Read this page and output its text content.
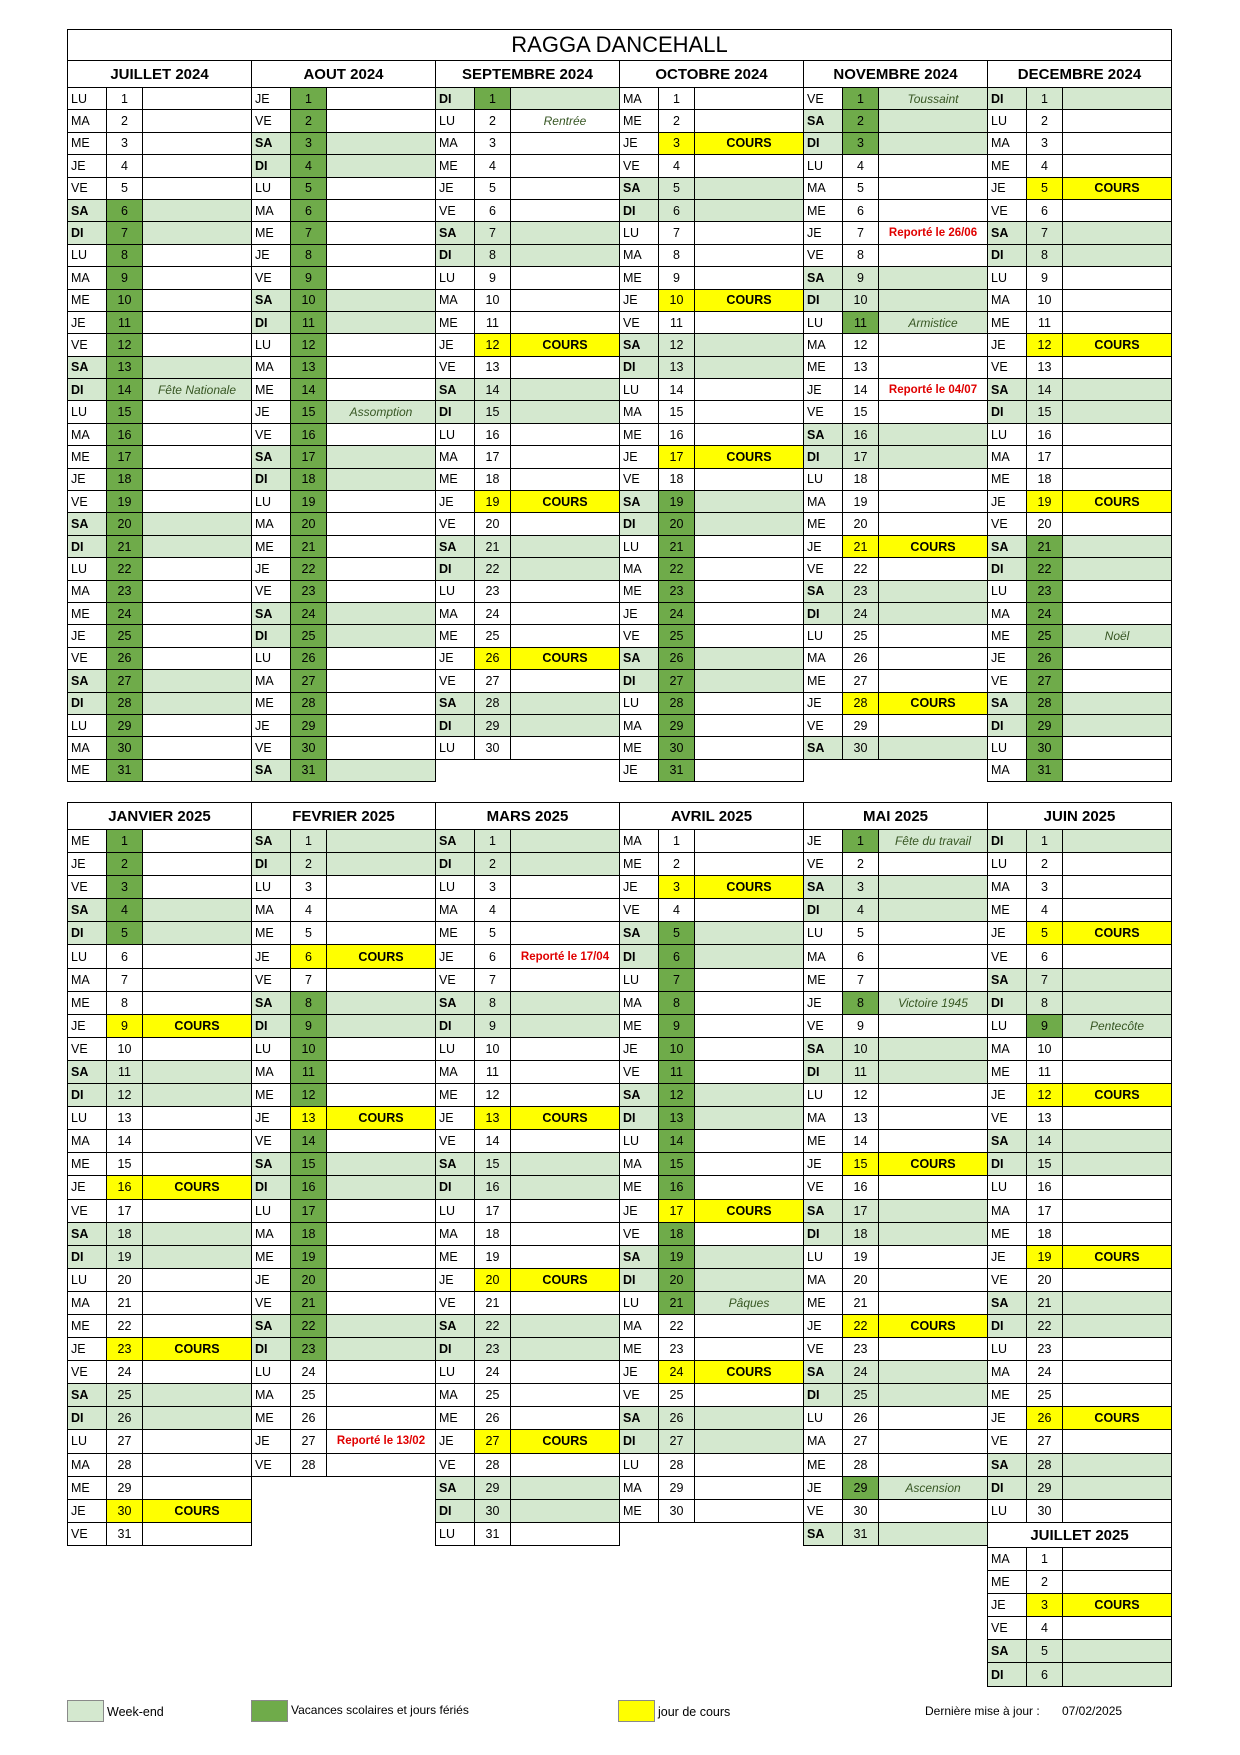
RAGGA DANCEHALL
JUILLET 2024
LU	1
MA	2
ME	3
JE	4
VE	5
SA	6
DI	7
LU	8
MA	9
ME	10
JE	11
VE	12
SA	13
DI	14	Fête Nationale
LU	15
MA	16
ME	17
JE	18
VE	19
SA	20
DI	21
LU	22
MA	23
ME	24
JE	25
VE	26
SA	27
DI	28
LU	29
MA	30
ME	31
AOUT 2024
JE	1
VE	2
SA	3
DI	4
LU	5
MA	6
ME	7
JE	8
VE	9
SA	10
DI	11
LU	12
MA	13
ME	14
JE	15	Assomption
VE	16
SA	17
DI	18
LU	19
MA	20
ME	21
JE	22
VE	23
SA	24
DI	25
LU	26
MA	27
ME	28
JE	29
VE	30
SA	31
SEPTEMBRE 2024
DI	1
LU	2	Rentrée
MA	3
ME	4
JE	5
VE	6
SA	7
DI	8
LU	9
MA	10
ME	11
JE	12	COURS
VE	13
SA	14
DI	15
LU	16
MA	17
ME	18
JE	19	COURS
VE	20
SA	21
DI	22
LU	23
MA	24
ME	25
JE	26	COURS
VE	27
SA	28
DI	29
LU	30
OCTOBRE 2024
MA	1
ME	2
JE	3	COURS
VE	4
SA	5
DI	6
LU	7
MA	8
ME	9
JE	10	COURS
VE	11
SA	12
DI	13
LU	14
MA	15
ME	16
JE	17	COURS
VE	18
SA	19
DI	20
LU	21
MA	22
ME	23
JE	24
VE	25
SA	26
DI	27
LU	28
MA	29
ME	30
JE	31
NOVEMBRE 2024
VE	1	Toussaint
SA	2
DI	3
LU	4
MA	5
ME	6
JE	7	Reporté le 26/06
VE	8
SA	9
DI	10
LU	11	Armistice
MA	12
ME	13
JE	14	Reporté le 04/07
VE	15
SA	16
DI	17
LU	18
MA	19
ME	20
JE	21	COURS
VE	22
SA	23
DI	24
LU	25
MA	26
ME	27
JE	28	COURS
VE	29
SA	30
DECEMBRE 2024
DI	1
LU	2
MA	3
ME	4
JE	5	COURS
VE	6
SA	7
DI	8
LU	9
MA	10
ME	11
JE	12	COURS
VE	13
SA	14
DI	15
LU	16
MA	17
ME	18
JE	19	COURS
VE	20
SA	21
DI	22
LU	23
MA	24
ME	25	Noël
JE	26
VE	27
SA	28
DI	29
LU	30
MA	31
JANVIER 2025
ME	1
JE	2
VE	3
SA	4
DI	5
LU	6
MA	7
ME	8
JE	9	COURS
VE	10
SA	11
DI	12
LU	13
MA	14
ME	15
JE	16	COURS
VE	17
SA	18
DI	19
LU	20
MA	21
ME	22
JE	23	COURS
VE	24
SA	25
DI	26
LU	27
MA	28
ME	29
JE	30	COURS
VE	31
FEVRIER 2025
SA	1
DI	2
LU	3
MA	4
ME	5
JE	6	COURS
VE	7
SA	8
DI	9
LU	10
MA	11
ME	12
JE	13	COURS
VE	14
SA	15
DI	16
LU	17
MA	18
ME	19
JE	20
VE	21
SA	22
DI	23
LU	24
MA	25
ME	26
JE	27	Reporté le 13/02
VE	28
MARS 2025
SA	1
DI	2
LU	3
MA	4
ME	5
JE	6	Reporté le 17/04
VE	7
SA	8
DI	9
LU	10
MA	11
ME	12
JE	13	COURS
VE	14
SA	15
DI	16
LU	17
MA	18
ME	19
JE	20	COURS
VE	21
SA	22
DI	23
LU	24
MA	25
ME	26
JE	27	COURS
VE	28
SA	29
DI	30
LU	31
AVRIL 2025
MA	1
ME	2
JE	3	COURS
VE	4
SA	5
DI	6
LU	7
MA	8
ME	9
JE	10
VE	11
SA	12
DI	13
LU	14
MA	15
ME	16
JE	17	COURS
VE	18
SA	19
DI	20
LU	21	Pâques
MA	22
ME	23
JE	24	COURS
VE	25
SA	26
DI	27
LU	28
MA	29
ME	30
MAI 2025
JE	1	Fête du travail
VE	2
SA	3
DI	4
LU	5
MA	6
ME	7
JE	8	Victoire 1945
VE	9
SA	10
DI	11
LU	12
MA	13
ME	14
JE	15	COURS
VE	16
SA	17
DI	18
LU	19
MA	20
ME	21
JE	22	COURS
VE	23
SA	24
DI	25
LU	26
MA	27
ME	28
JE	29	Ascension
VE	30
SA	31
JUIN 2025
DI	1
LU	2
MA	3
ME	4
JE	5	COURS
VE	6
SA	7
DI	8
LU	9	Pentecôte
MA	10
ME	11
JE	12	COURS
VE	13
SA	14
DI	15
LU	16
MA	17
ME	18
JE	19	COURS
VE	20
SA	21
DI	22
LU	23
MA	24
ME	25
JE	26	COURS
VE	27
SA	28
DI	29
LU	30
JUILLET 2025
MA	1
ME	2
JE	3	COURS
VE	4
SA	5
DI	6
Week-end	Vacances scolaires et jours fériés	jour de cours	Dernière mise à jour : 07/02/2025
